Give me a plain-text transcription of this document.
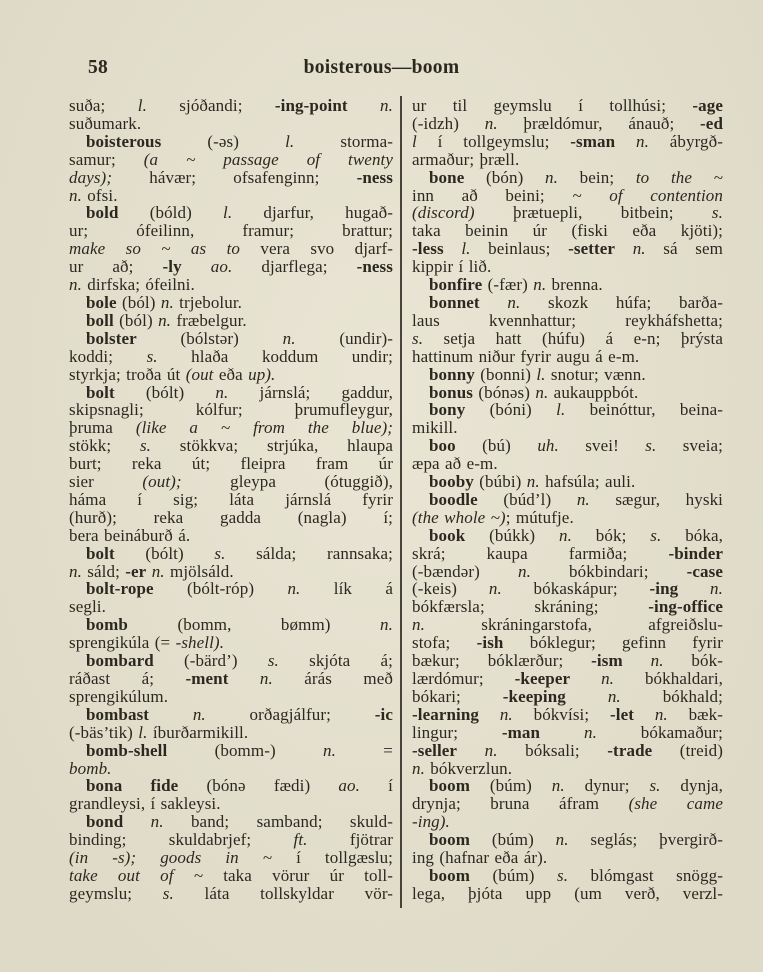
58	boisterous—boom
suða; l. sjóðandi; -ing-point n.
suðumark.
boisterous (-əs) l. storma-
samur; (a ~ passage of twenty
days); hávær; ofsafenginn; -ness
n. ofsi.
bold (bóld) l. djarfur, hugað-
ur; ófeilinn, framur; brattur;
make so ~ as to vera svo djarf-
ur að; -ly ao. djarflega; -ness
n. dirfska; ófeilni.
bole (ból) n. trjebolur.
boll (ból) n. fræbelgur.
bolster (bólstər) n. (undir)-
koddi; s. hlaða koddum undir;
styrkja; troða út (out eða up).
bolt (bólt) n. járnslá; gaddur,
skipsnagli; kólfur; þrumufleygur,
þruma (like a ~ from the blue);
stökk; s. stökkva; strjúka, hlaupa
burt; reka út; fleipra fram úr
sier (out); gleypa (ótuggið),
háma í sig; láta járnslá fyrir
(hurð); reka gadda (nagla) í;
bera beináburð á.
bolt (bólt) s. sálda; rannsaka;
n. sáld; -er n. mjölsáld.
bolt-rope (bólt-róp) n. lík á
segli.
bomb (bomm, bømm) n.
sprengikúla (= -shell).
bombard (-bärd’) s. skjóta á;
ráðast á; -ment n. árás með
sprengikúlum.
bombast	n. orðagjálfur; -ic
(-bäs’tik) l. íburðarmikill.
bomb-shell (bomm-) n. =
bomb.
bona fide (bónə fædi) ao. í
grandleysi, í sakleysi.
bond n. band; samband; skuld-
binding; skuldabrjef; ft. fjötrar
(in -s); goods in ~ í tollgæslu;
take out of ~ taka vörur úr toll-
geymslu; s. láta tollskyldar vör-
ur til geymslu í tollhúsi; -age
(-idzh) n. þrældómur, ánauð; -ed
l í tollgeymslu; -sman n. ábyrgð-
armaður; þræll.
bone (bón) n. bein; to the ~
inn að beini; ~ of contention
(discord) þrætuepli, bitbein; s.
taka beinin úr (fiski eða kjöti);
-less l. beinlaus; -setter n. sá sem
kippir í lið.
bonfire (-fær) n. brenna.
bonnet n. skozk húfa; barða-
laus kvennhattur; reykháfshetta;
s. setja hatt (húfu) á e-n; þrýsta
hattinum niður fyrir augu á e-m.
bonny (bonni) l. snotur; vænn.
bonus (bónəs) n. aukauppbót.
bony (bóni) l. beinóttur, beina-
mikill.
boo (bú) uh. svei! s. sveia;
æpa að e-m.
booby (búbi) n. hafsúla; auli.
boodle (búd’l) n. sægur, hyski
(the whole ~); mútufje.
book (búkk) n. bók; s. bóka,
skrá; kaupa farmiða; -binder
(-bændər) n. bókbindari; -case
(-keis) n. bókaskápur; -ing n.
bókfærsla; skráning; -ing-office
n. skráningarstofa, afgreiðslu-
stofa; -ish bóklegur; gefinn fyrir
bækur; bóklærður; -ism n. bók-
lærdómur; -keeper n. bókhaldari,
bókari; -keeping n. bókhald;
-learning n. bókvísi; -let n. bæk-
lingur; -man	n. bókamaður;
-seller n. bóksali; -trade (treid)
n. bókverzlun.
boom (búm) n. dynur; s. dynja,
drynja; bruna áfram (she came
-ing).
boom (búm) n. seglás; þvergirð-
ing (hafnar eða ár).
boom (búm) s. blómgast snögg-
lega, þjóta upp (um verð, verzl-
